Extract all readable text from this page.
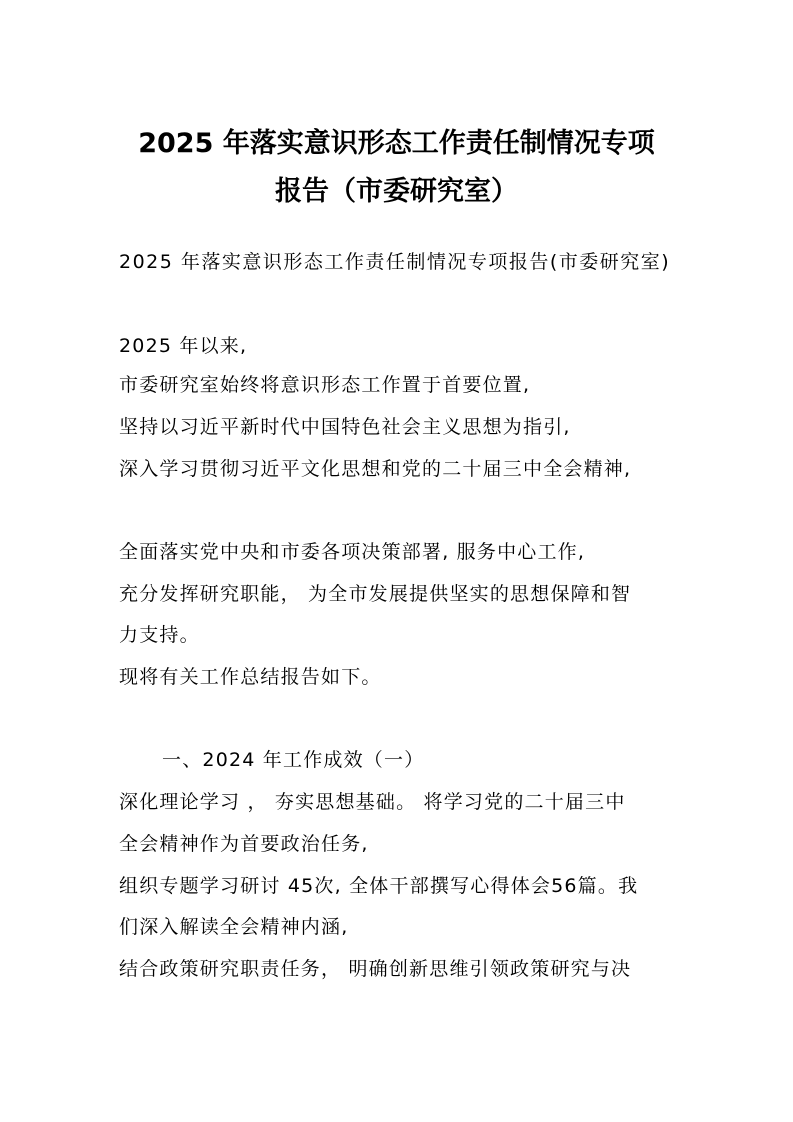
2025 年落实意识形态工作责任制情况专项
报告（市委研究室）
2025 年落实意识形态工作责任制情况专项报告(市委研究室)
2025 年以来,
市委研究室始终将意识形态工作置于首要位置,
坚持以习近平新时代中国特色社会主义思想为指引,
深入学习贯彻习近平文化思想和党的二十届三中全会精神,
全面落实党中央和市委各项决策部署, 服务中心工作,
充分发挥研究职能， 为全市发展提供坚实的思想保障和智
力支持。
现将有关工作总结报告如下。
一、2024 年工作成效（一）
深化理论学习 ， 夯实思想基础。 将学习党的二十届三中
全会精神作为首要政治任务,
组织专题学习研讨 45次, 全体干部撰写心得体会56篇。我
们深入解读全会精神内涵,
结合政策研究职责任务， 明确创新思维引领政策研究与决
